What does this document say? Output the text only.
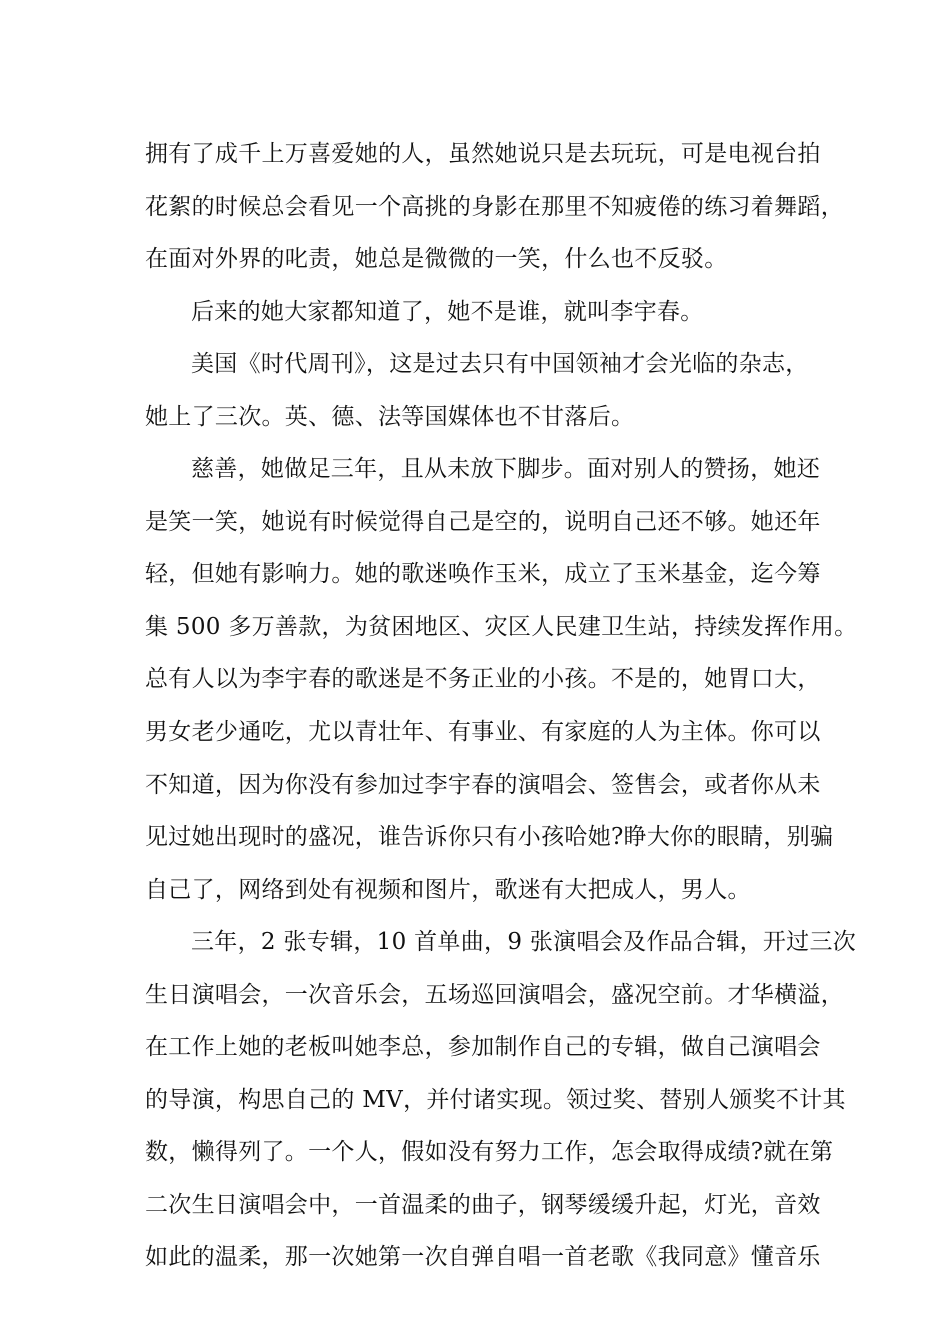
拥有了成千上万喜爱她的人，虽然她说只是去玩玩，可是电视台拍
花絮的时候总会看见一个高挑的身影在那里不知疲倦的练习着舞蹈，
在面对外界的叱责，她总是微微的一笑，什么也不反驳。
后来的她大家都知道了，她不是谁，就叫李宇春。
美国《时代周刊》，这是过去只有中国领袖才会光临的杂志，
她上了三次。英、德、法等国媒体也不甘落后。
慈善，她做足三年，且从未放下脚步。面对别人的赞扬，她还
是笑一笑，她说有时候觉得自己是空的，说明自己还不够。她还年
轻，但她有影响力。她的歌迷唤作玉米，成立了玉米基金，迄今筹
集 500 多万善款，为贫困地区、灾区人民建卫生站，持续发挥作用。
总有人以为李宇春的歌迷是不务正业的小孩。不是的，她胃口大，
男女老少通吃，尤以青壮年、有事业、有家庭的人为主体。你可以
不知道，因为你没有参加过李宇春的演唱会、签售会，或者你从未
见过她出现时的盛况，谁告诉你只有小孩哈她?睁大你的眼睛，别骗
自己了，网络到处有视频和图片，歌迷有大把成人，男人。
三年，2 张专辑，10 首单曲，9 张演唱会及作品合辑，开过三次
生日演唱会，一次音乐会，五场巡回演唱会，盛况空前。才华横溢，
在工作上她的老板叫她李总，参加制作自己的专辑，做自己演唱会
的导演，构思自己的 MV，并付诸实现。领过奖、替别人颁奖不计其
数，懒得列了。一个人，假如没有努力工作，怎会取得成绩?就在第
二次生日演唱会中，一首温柔的曲子，钢琴缓缓升起，灯光，音效
如此的温柔，那一次她第一次自弹自唱一首老歌《我同意》懂音乐
